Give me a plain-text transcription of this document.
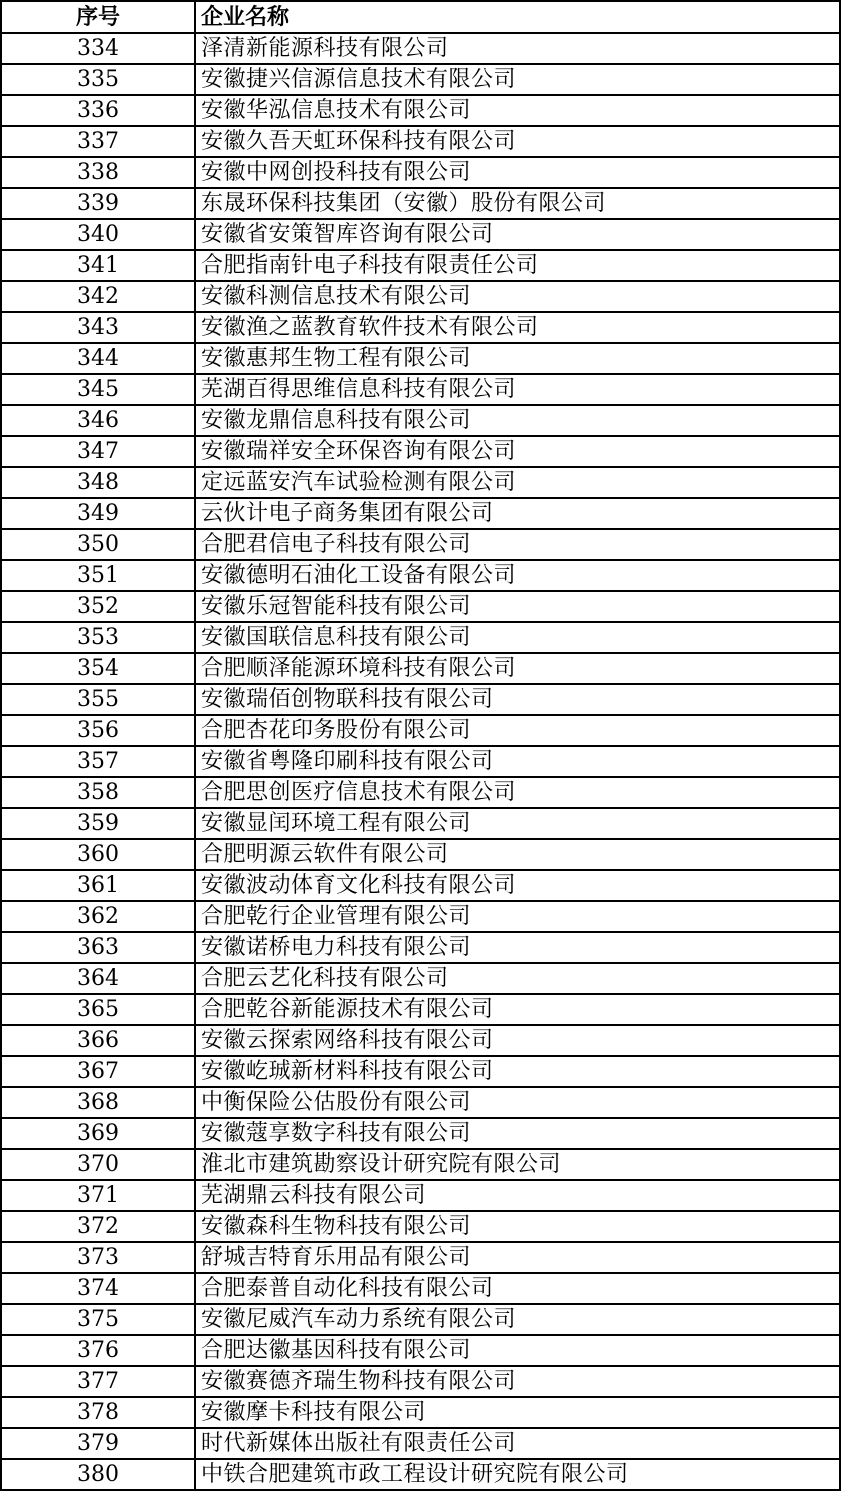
序号	企业名称
334	泽清新能源科技有限公司
335	安徽捷兴信源信息技术有限公司
336	安徽华泓信息技术有限公司
337	安徽久吾天虹环保科技有限公司
338	安徽中网创投科技有限公司
339	东晟环保科技集团（安徽）股份有限公司
340	安徽省安策智库咨询有限公司
341	合肥指南针电子科技有限责任公司
342	安徽科测信息技术有限公司
343	安徽渔之蓝教育软件技术有限公司
344	安徽惠邦生物工程有限公司
345	芜湖百得思维信息科技有限公司
346	安徽龙鼎信息科技有限公司
347	安徽瑞祥安全环保咨询有限公司
348	定远蓝安汽车试验检测有限公司
349	云伙计电子商务集团有限公司
350	合肥君信电子科技有限公司
351	安徽德明石油化工设备有限公司
352	安徽乐冠智能科技有限公司
353	安徽国联信息科技有限公司
354	合肥顺泽能源环境科技有限公司
355	安徽瑞佰创物联科技有限公司
356	合肥杏花印务股份有限公司
357	安徽省粤隆印刷科技有限公司
358	合肥思创医疗信息技术有限公司
359	安徽显闰环境工程有限公司
360	合肥明源云软件有限公司
361	安徽波动体育文化科技有限公司
362	合肥乾行企业管理有限公司
363	安徽诺桥电力科技有限公司
364	合肥云艺化科技有限公司
365	合肥乾谷新能源技术有限公司
366	安徽云探索网络科技有限公司
367	安徽屹珹新材料科技有限公司
368	中衡保险公估股份有限公司
369	安徽蔻享数字科技有限公司
370	淮北市建筑勘察设计研究院有限公司
371	芜湖鼎云科技有限公司
372	安徽森科生物科技有限公司
373	舒城吉特育乐用品有限公司
374	合肥泰普自动化科技有限公司
375	安徽尼威汽车动力系统有限公司
376	合肥达徽基因科技有限公司
377	安徽赛德齐瑞生物科技有限公司
378	安徽摩卡科技有限公司
379	时代新媒体出版社有限责任公司
380	中铁合肥建筑市政工程设计研究院有限公司
